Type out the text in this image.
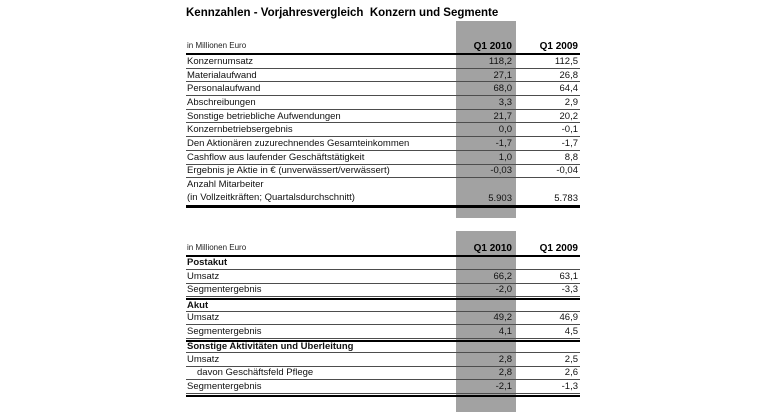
Kennzahlen - Vorjahresvergleich  Konzern und Segmente
in Millionen Euro	Q1 2010	Q1 2009
Konzernumsatz	118,2	112,5
Materialaufwand	27,1	26,8
Personalaufwand	68,0	64,4
Abschreibungen	3,3	2,9
Sonstige betriebliche Aufwendungen	21,7	20,2
Konzernbetriebsergebnis	0,0	-0,1
Den Aktionären zuzurechnendes Gesamteinkommen	-1,7	-1,7
Cashflow aus laufender Geschäftstätigkeit	1,0	8,8
Ergebnis je Aktie in € (unverwässert/verwässert)	-0,03	-0,04
Anzahl Mitarbeiter
(in Vollzeitkräften; Quartalsdurchschnitt)	5.903	5.783
in Millionen Euro	Q1 2010	Q1 2009
Postakut
Umsatz	66,2	63,1
Segmentergebnis	-2,0	-3,3
Akut
Umsatz	49,2	46,9
Segmentergebnis	4,1	4,5
Sonstige Aktivitäten und Überleitung
Umsatz	2,8	2,5
davon Geschäftsfeld Pflege	2,8	2,6
Segmentergebnis	-2,1	-1,3
